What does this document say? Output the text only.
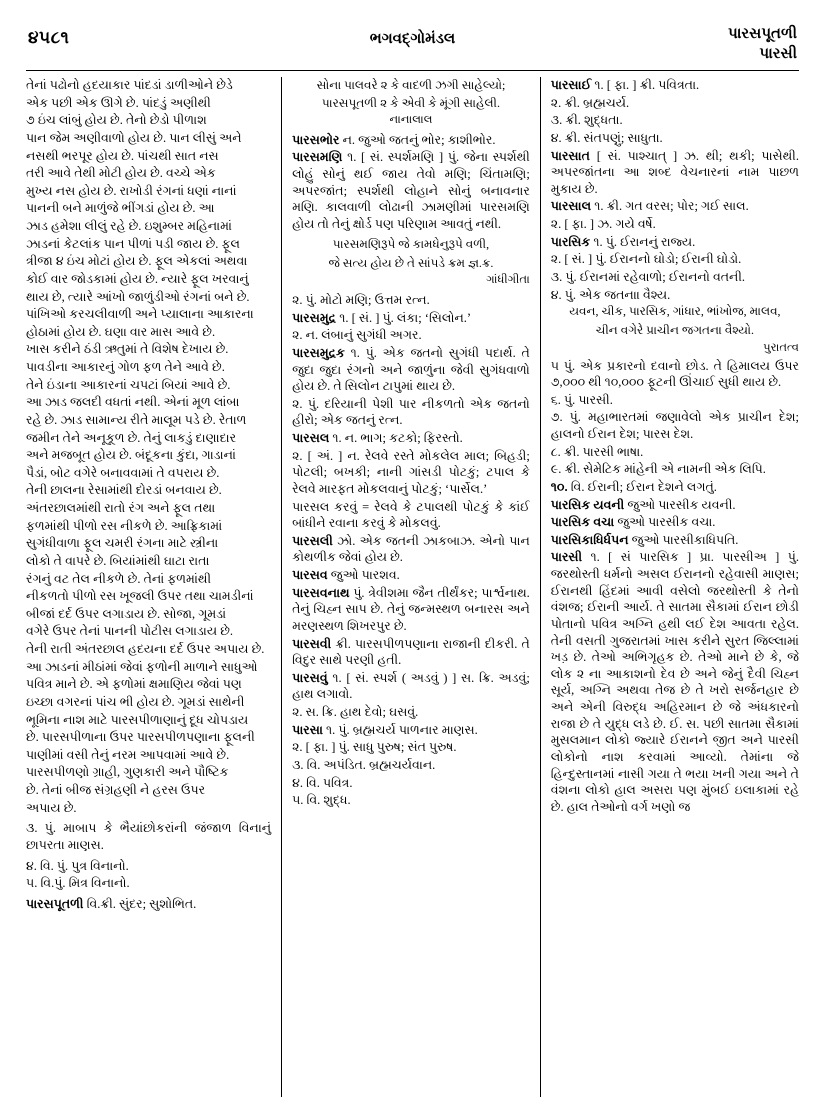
૪૫૮૧	ભગવદ્ગોમંડલ	પારસપૂતળી
પારસી

તેનાં પઢોનો હદયાકાર પાંદડાં ડાળીઓને છેડે

એક પછી એક ઊગે છે. પાંદડું અણીથી

૭ ઇંચ લાંબું હોય છે. તેનો છેડો પીળાશ

પાન જેમ અણીવાળો હોય છે. પાન લીસું અને

નસથી ભરપૂર હોય છે. પાંચથી સાત નસ

તરી આવે તેથી મોટી હોય છે. વચ્ચે એક

મુખ્ય નસ હોય છે. રાખોડી રંગનાં ધણાં નાનાં

પાનની બને માળુંજે ભીંગડાં હોય છે. આ

ઝાડ હમેશા લીલું રહે છે. ઇશુમ્બર મહિનામાં

ઝાડનાં કેટલાંક પાન પીળાં પડી જાય છે. ફૂલ

ત્રીજા ૪ ઇંચ મોટાં હોય છે. ફૂલ એકલાં અથવા

કોઈ વાર જોડકામાં હોય છે. ન્યારે ફૂલ ખરવાનું

થાય છે, ત્યારે આંખો જાળુંડીઓ રંગનાં બને છે.

પાંખિઓ કરચલીવાળી અને પ્યાલાના આકારના

હોઠામાં હોય છે. ઘણા વાર માસ આવે છે.

ખાસ કરીને ઠંડી ઋતુમાં તે વિશેષ દેખાય છે.

પાવડીના આકારનું ગોળ ફળ તેને આવે છે.

તેને ઇંડાના આકારનાં ચપટાં બિયાં આવે છે.

આ ઝાડ જલદી વધતાં નથી. એનાં મૂળ લાંબા

રહે છે. ઝાડ સામાન્ય રીતે માલૂમ પડે છે. રેતાળ

જમીન તેને અનૂકૂળ છે. તેનું લાકડું દાણાદાર

અને મજબૂત હોય છે. બંદૂકના કુંદા, ગાડાનાં

પૈડાં, બોટ વગેરે બનાવવામાં તે વપરાય છે.

તેની છાલના રેસામાંથી દોરડાં બનવાય છે.

અંતરછાલમાંથી રાતો રંગ અને ફૂલ તથા

ફળમાંથી પીળો રસ નીકળે છે. આફ્રિકામાં

સુગંધીવાળા ફૂલ ચમરી રંગના માટે સ્ત્રીના

લોકો તે વાપરે છે. બિયાંમાંથી ઘાટા રાતા

રંગનું વટ તેલ નીકળે છે. તેનાં ફળમાંથી

નીકળતો પીળો રસ ખૂજલી ઉપર તથા ચામડીનાં

બીજાં દર્દ ઉપર લગાડાય છે. સોજા, ગૂમડાં

વગેરે ઉપર તેનાં પાનની પોટીસ લગાડાય છે.

તેની રાતી અંતરછાલ હદયના દર્દ ઉપર અપાય છે.

આ ઝાડનાં મીઠાંમાં જેવાં ફળોની માળાને સાધુઓ

પવિત્ર માને છે. એ ફળોમાં ક્ષમાણિય જેવાં પણ

ઇચ્છા વગરનાં પાંચ ભી હોય છે. ગૂમડાં સાથેની

ભૂમિના નાશ માટે પારસપીળાણાનું દૂધ ચોપડાય

છે. પારસપીળાના ઉપર પારસપીળપણાના ફૂલની

પાણીમાં વસી તેનું નરમ આપવામાં આવે છે.

પારસપીળણો ગ્રાહી, ગુણકારી અને પૌષ્ટિક

છે. તેનાં બીજ સંગ્રહણી ને હરસ ઉપર

અપાય છે.

૩. પું. માબાપ કે ભૈયાંછોકરાંની જંજાળ વિનાનું છાપરતા માણસ.

૪. વિ. પું. પુત્ર વિનાનો.

૫. વિ.પું. મિત્ર વિનાનો.

પારસપૂતળી વિ.ક્રી. સુંદર; સુશોભિત.

સોના પાલવરે ૨ કે વાદળી ઝગી સાહેલ્યો;

પારસપૂતળી ૨ કે એવી કે મૂંગી સાહેલી.

નાનાલાલ

પારસભોર ન. જુઓ જતનું ભોર; કાશીભોર.

પારસમણિ ૧. [ સં. સ્પર્શમણિ ] પું. જેના સ્પર્શથી લોહું સોનું થઈ જાય તેવો મણિ; ચિંતામણિ; અપરજાંત; સ્પર્શથી લોહાને સોનું બનાવનાર મણિ. કાલવાળી લોઢાની ઝામણીમાં પારસમણિ હોય તો તેનું ક્ષોર્ડ પણ પરિણામ આવતું નથી.

પારસમણિરૂપે જે કામધેનુરૂપે વળી,

જે સત્ય હોય છે તે સાંપડે ક્રમ જ્ઞ.ક્ર.

ગાંધીગીતા

૨. પું. મોટો મણિ; ઉત્તમ રત્ન.

પારસમુદ્ર ૧. [ સં. ] પું. લંકા; ‘સિલોન.’

૨. ન. લંબાનું સુગંધી અગર.

પારસમુદ્રક ૧. પું. એક જતનો સુગંધી પદાર્થ. તે જુદા જુદા રંગનો અને જાળુંના જેવી સુગંધવાળો હોય છે. તે સિલોન ટાપુમાં થાય છે.

૨. પું. દરિયાની પેશી પાર નીકળતો એક જતનો હીરો; એક જતનું રત્ન.

પારસલ ૧. ન. ભાગ; કટકો; ફિરસ્તો.

૨. [ અં. ] ન. રેલવે રસ્તે મોકલેલ માલ; બિહડી; પોટલી; બખકી; નાની ગાંસડી પોટકું; ટપાલ કે રેલવે મારફત મોકલવાનું પોટકું; ‘પાર્સેલ.’

પારસલ કરવું = રેલવે કે ટપાલથી પોટકું કે કાંઈ બાંધીને રવાના કરવું કે મોકલવું.

પારસલી ઝો. એક જતની ઝાકબાઝ. એનો પાન કોથળીક જેવાં હોય છે.

પારસવ જુઓ પારશવ.

પારસવનાથ પું. ત્રેવીશમા જૈન તીર્થંકર; પાર્શ્વનાથ. તેનું ચિહ્ન સાપ છે. તેનું જન્મસ્થળ બનારસ અને મરણસ્થળ શિખરપુર છે.

પારસવી ક્રી. પારસપીળપણાના રાજાની દીકરી. તે વિદુર સાથે પરણી હતી.

પારસવું ૧. [ સં. સ્પર્શ ( અડવું ) ] સ. ક્રિ. અડવું; હાથ લગાવો.

૨. સ. ક્રિ. હાથ દેવો; ઘસવું.

પારસા ૧. પું. બ્રહ્મચર્ય પાળનાર માણસ.

૨. [ ફા. ] પું. સાધુ પુરુષ; સંત પુરુષ.

૩. વિ. અપંડિત. બ્રહ્મચર્યવાન.

૪. વિ. પવિત્ર.

૫. વિ. શુદ્ધ.

પારસાઈ ૧. [ ફા. ] ક્રી. પવિત્રતા.

૨. ક્રી. બ્રહ્મચર્ય.

૩. ક્રી. શુદ્ધતા.

૪. ક્રી. સંતપણું; સાધુતા.

પારસાત [ સં. પાશ્ચાત્ ] ઝ. થી; થકી; પાસેથી. અપરજાંતના આ શબ્દ વેચનારનાં નામ પાછળ મુકાય છે.

પારસાલ ૧. ક્રી. ગત વરસ; પોર; ગઈ સાલ.

૨. [ ફા. ] ઝ. ગયે વર્ષે.

પારસિક ૧. પું. ઈરાનનું રાજ્ય.

૨. [ સં. ] પું. ઈરાનનો ઘોડો; ઈરાની ઘોડો.

૩. પું. ઈરાનમાં રહેવાળો; ઈરાનનો વતની.

૪. પું. એક જતનાા વૈશ્ય.

યવન, ચીક, પારસિક, ગાંધાર, ભાંખોજ, માલવ,

ચીન વગેરે પ્રાચીન જગતના વૈશ્યો.

પુરાતત્વ

૫ પું. એક પ્રકારનો દવાનો છોડ. તે હિમાલય ઉપર ૭,૦૦૦ થી ૧૦,૦૦૦ ફૂટની ઊંચાઈ સુધી થાય છે.

૬. પું. પારસી.

૭. પું. મહાભારતમાં જણાવેલો એક પ્રાચીન દેશ; હાલનો ઈરાન દેશ; પારસ દેશ.

૮. ક્રી. પારસી ભાષા.

૯. ક્રી. સેમેટિક માંહેની એ નામની એક લિપિ.

૧૦. વિ. ઈરાની; ઈરાન દેશને લગતું.

પારસિક યવની જુઓ પારસીક યવની.

પારસિક વચા જુઓ પારસીક વચા.

પારસિકાધિર્ધપન જુઓ પારસીકાધિપતિ.

પારસી ૧. [ સં પારસિક ] પ્રા. પારસીઅ ] પું. જરથોસ્તી ધર્મનો અસલ ઈરાનનો રહેવાસી માણસ; ઈરાનથી હિંદમાં આવી વસેલો જરથોસ્તી કે તેનો વંશજ; ઈરાની આર્ય. તે સાતમા સૈકામાં ઈરાન છોડી પોતાનો પવિત્ર અગ્નિ હથી લઈ દેશ આવતા રહેલ. તેની વસતી ગુજરાતમાં ખાસ કરીને સુરત જિલ્લામાં ખડ઼ છે. તેઓ અભિગૃહક છે. તેઓ માને છે કે, જે લોક ૨ ના આકાશનો દેવ છે અને જેનું દૈવી ચિહ્ન સૂર્ય, અગ્નિ અથવા તેજ છે તે ખરો સર્જનહાર છે અને એની વિરુદ્ધ અહિરમાન છે જે અંધકારનો રાજા છે તે યુદ્ધ લડે છે. ઈ. સ. પછી સાતમા સૈકામાં મુસલમાન લોકો જ્યારે ઈરાનને જીત અને પારસી લોકોનો નાશ કરવામાં આવ્યો. તેમાંના જે હિન્દુસ્તાનમાં નાસી ગયા તે ભયા ખની ગયા અને તે વંશના લોકો હાલ અસરા પણ મુંબઈ ઇલાકામાં રહે છે. હાલ તેઓનો વર્ગ ખણો જ
